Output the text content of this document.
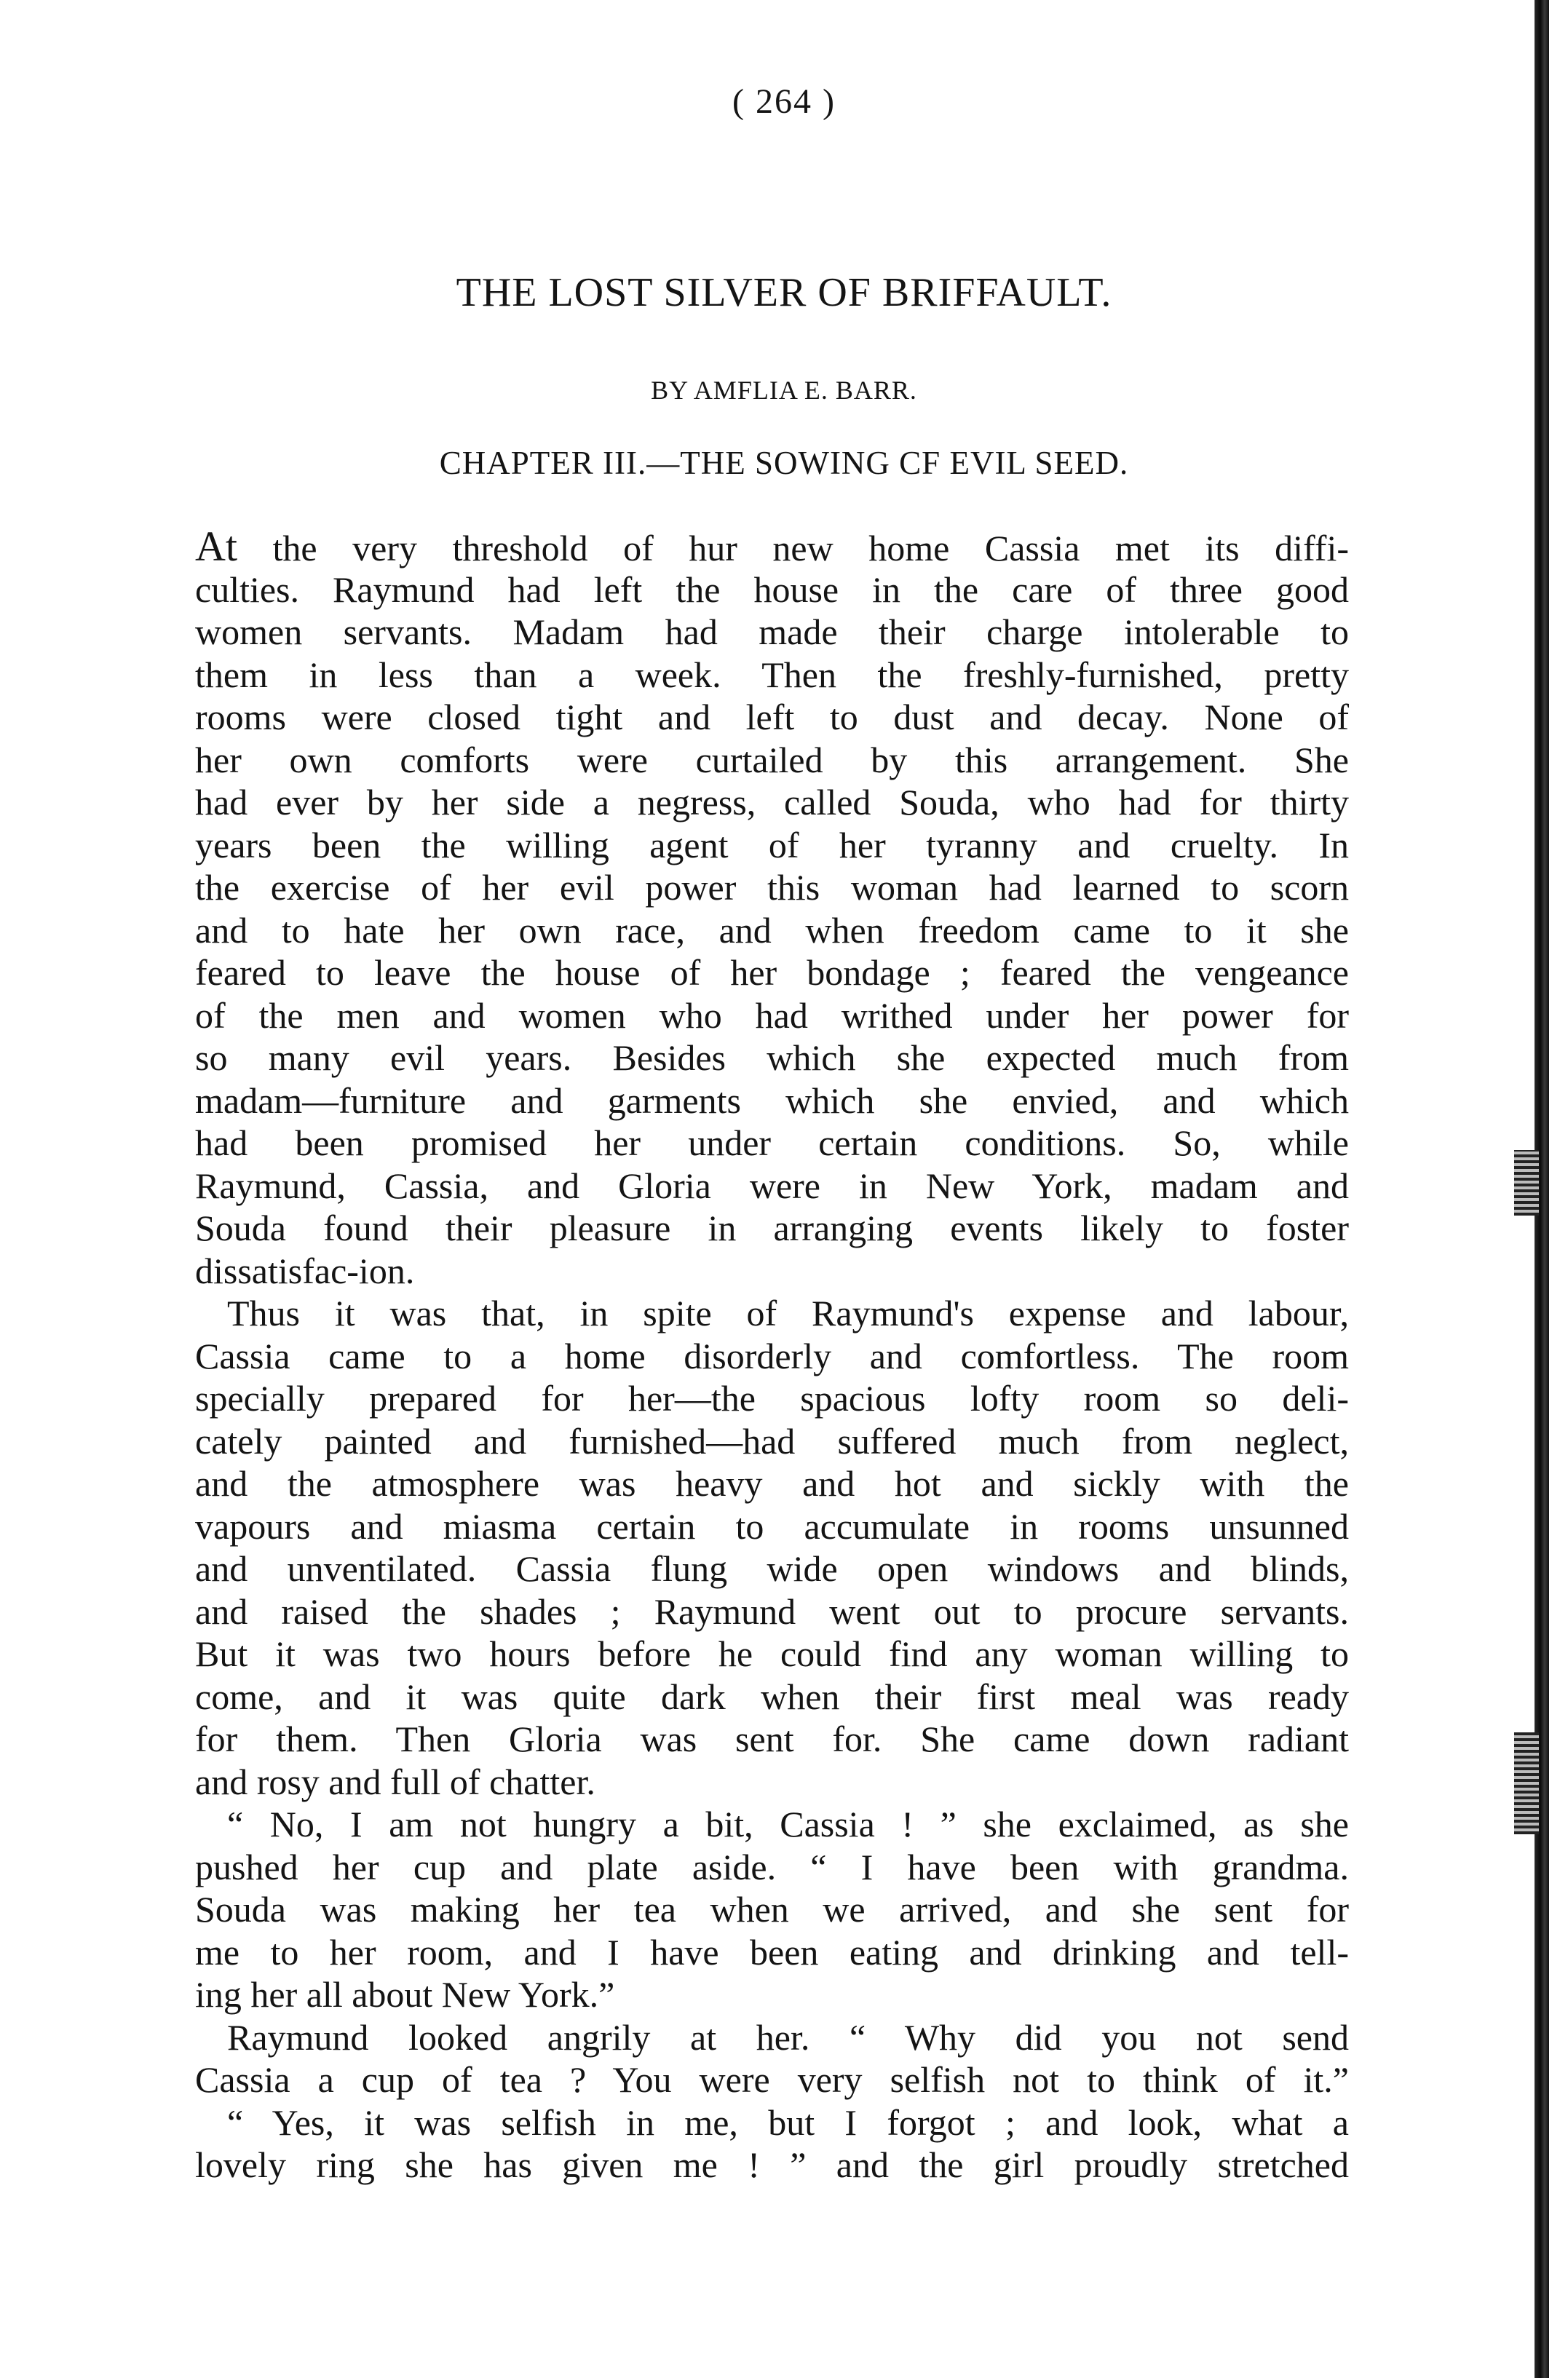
( 264 )
THE LOST SILVER OF BRIFFAULT.
BY AMFLIA E. BARR.
CHAPTER III.—THE SOWING CF EVIL SEED.
At the very threshold of hur new home Cassia met its diffi-
culties. Raymund had left the house in the care of three good
women servants. Madam had made their charge intolerable to
them in less than a week. Then the freshly-furnished, pretty
rooms were closed tight and left to dust and decay. None of
her own comforts were curtailed by this arrangement. She
had ever by her side a negress, called Souda, who had for thirty
years been the willing agent of her tyranny and cruelty. In
the exercise of her evil power this woman had learned to scorn
and to hate her own race, and when freedom came to it she
feared to leave the house of her bondage ; feared the vengeance
of the men and women who had writhed under her power for
so many evil years. Besides which she expected much from
madam—furniture and garments which she envied, and which
had been promised her under certain conditions. So, while
Raymund, Cassia, and Gloria were in New York, madam and
Souda found their pleasure in arranging events likely to foster
dissatisfac-ion.
Thus it was that, in spite of Raymund's expense and labour,
Cassia came to a home disorderly and comfortless. The room
specially prepared for her—the spacious lofty room so deli-
cately painted and furnished—had suffered much from neglect,
and the atmosphere was heavy and hot and sickly with the
vapours and miasma certain to accumulate in rooms unsunned
and unventilated. Cassia flung wide open windows and blinds,
and raised the shades ; Raymund went out to procure servants.
But it was two hours before he could find any woman willing to
come, and it was quite dark when their first meal was ready
for them. Then Gloria was sent for. She came down radiant
and rosy and full of chatter.
“ No, I am not hungry a bit, Cassia ! ” she exclaimed, as she
pushed her cup and plate aside. “ I have been with grandma.
Souda was making her tea when we arrived, and she sent for
me to her room, and I have been eating and drinking and tell-
ing her all about New York.”
Raymund looked angrily at her. “ Why did you not send
Cassia a cup of tea ? You were very selfish not to think of it.”
“ Yes, it was selfish in me, but I forgot ; and look, what a
lovely ring she has given me ! ” and the girl proudly stretched
